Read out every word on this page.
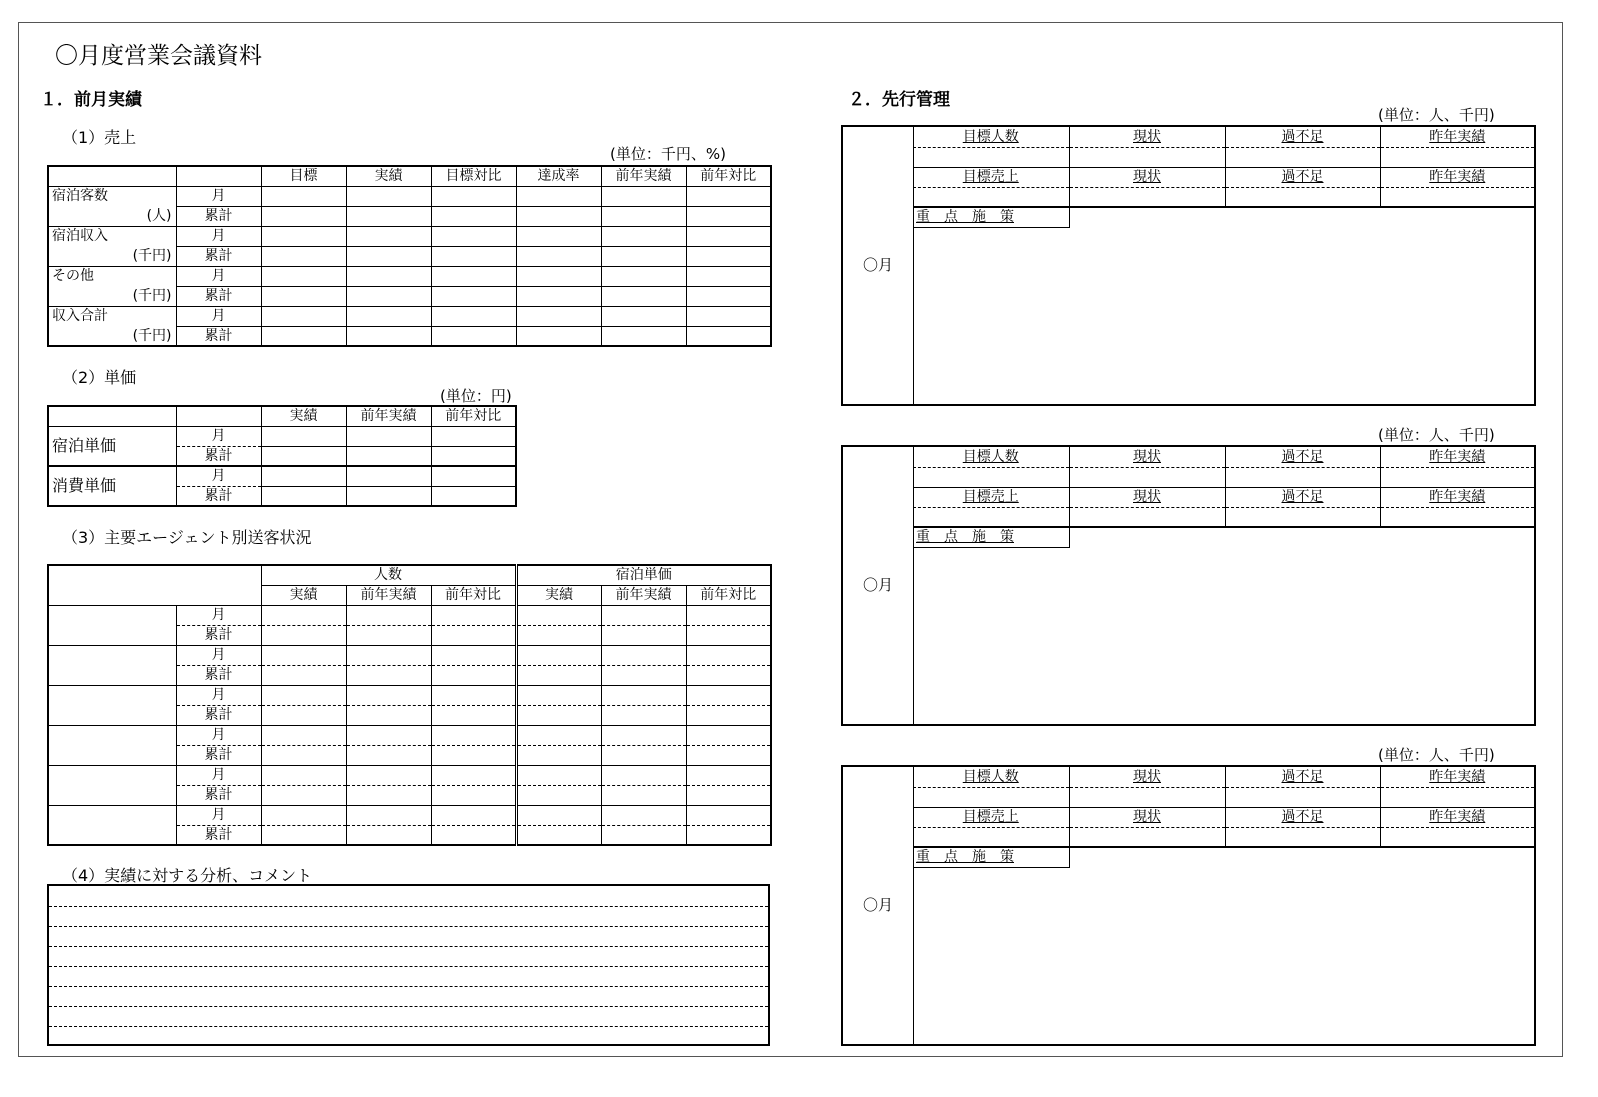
〇月度営業会議資料
１．前月実績
（1）売上
(単位：千円、%)
		目標	実績	目標対比	達成率	前年実績	前年対比
宿泊客数	月						
(人)	累計						
宿泊収入	月						
(千円)	累計						
その他	月						
(千円)	累計						
収入合計	月						
(千円)	累計						
（2）単価
(単位：円)
		実績	前年実績	前年対比
宿泊単価	月			
	累計			
消費単価	月			
	累計			
（3）主要エージェント別送客状況
		人数			宿泊単価		
		実績	前年実績	前年対比	実績	前年実績	前年対比
	月						
	累計						
	月						
	累計						
	月						
	累計						
	月						
	累計						
	月						
	累計						
	月						
	累計						
（4）実績に対する分析、コメント
２．先行管理
(単位：人、千円)
〇月
目標人数	現状	過不足	昨年実績

目標売上	現状	過不足	昨年実績

重　点　施　策			
(単位：人、千円)
〇月
目標人数	現状	過不足	昨年実績

目標売上	現状	過不足	昨年実績

重　点　施　策			
(単位：人、千円)
〇月
目標人数	現状	過不足	昨年実績

目標売上	現状	過不足	昨年実績

重　点　施　策			
